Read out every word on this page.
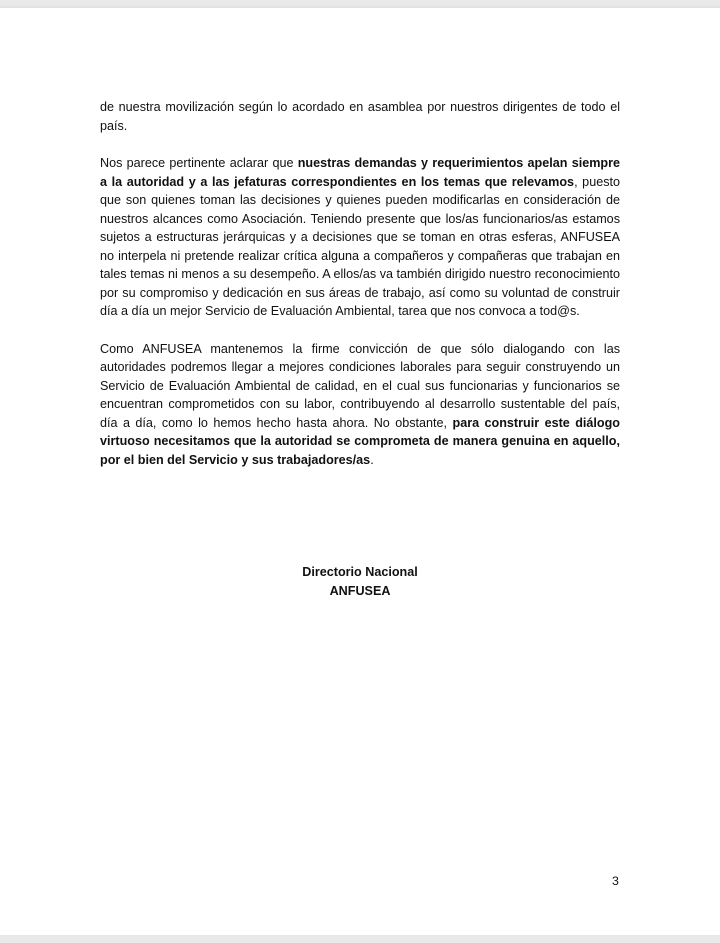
de nuestra movilización según lo acordado en asamblea por nuestros dirigentes de todo el país.

Nos parece pertinente aclarar que nuestras demandas y requerimientos apelan siempre a la autoridad y a las jefaturas correspondientes en los temas que relevamos, puesto que son quienes toman las decisiones y quienes pueden modificarlas en consideración de nuestros alcances como Asociación. Teniendo presente que los/as funcionarios/as estamos sujetos a estructuras jerárquicas y a decisiones que se toman en otras esferas, ANFUSEA no interpela ni pretende realizar crítica alguna a compañeros y compañeras que trabajan en tales temas ni menos a su desempeño. A ellos/as va también dirigido nuestro reconocimiento por su compromiso y dedicación en sus áreas de trabajo, así como su voluntad de construir día a día un mejor Servicio de Evaluación Ambiental, tarea que nos convoca a tod@s.

Como ANFUSEA mantenemos la firme convicción de que sólo dialogando con las autoridades podremos llegar a mejores condiciones laborales para seguir construyendo un Servicio de Evaluación Ambiental de calidad, en el cual sus funcionarias y funcionarios se encuentran comprometidos con su labor, contribuyendo al desarrollo sustentable del país, día a día, como lo hemos hecho hasta ahora. No obstante, para construir este diálogo virtuoso necesitamos que la autoridad se comprometa de manera genuina en aquello, por el bien del Servicio y sus trabajadores/as.

Directorio Nacional
ANFUSEA
3
